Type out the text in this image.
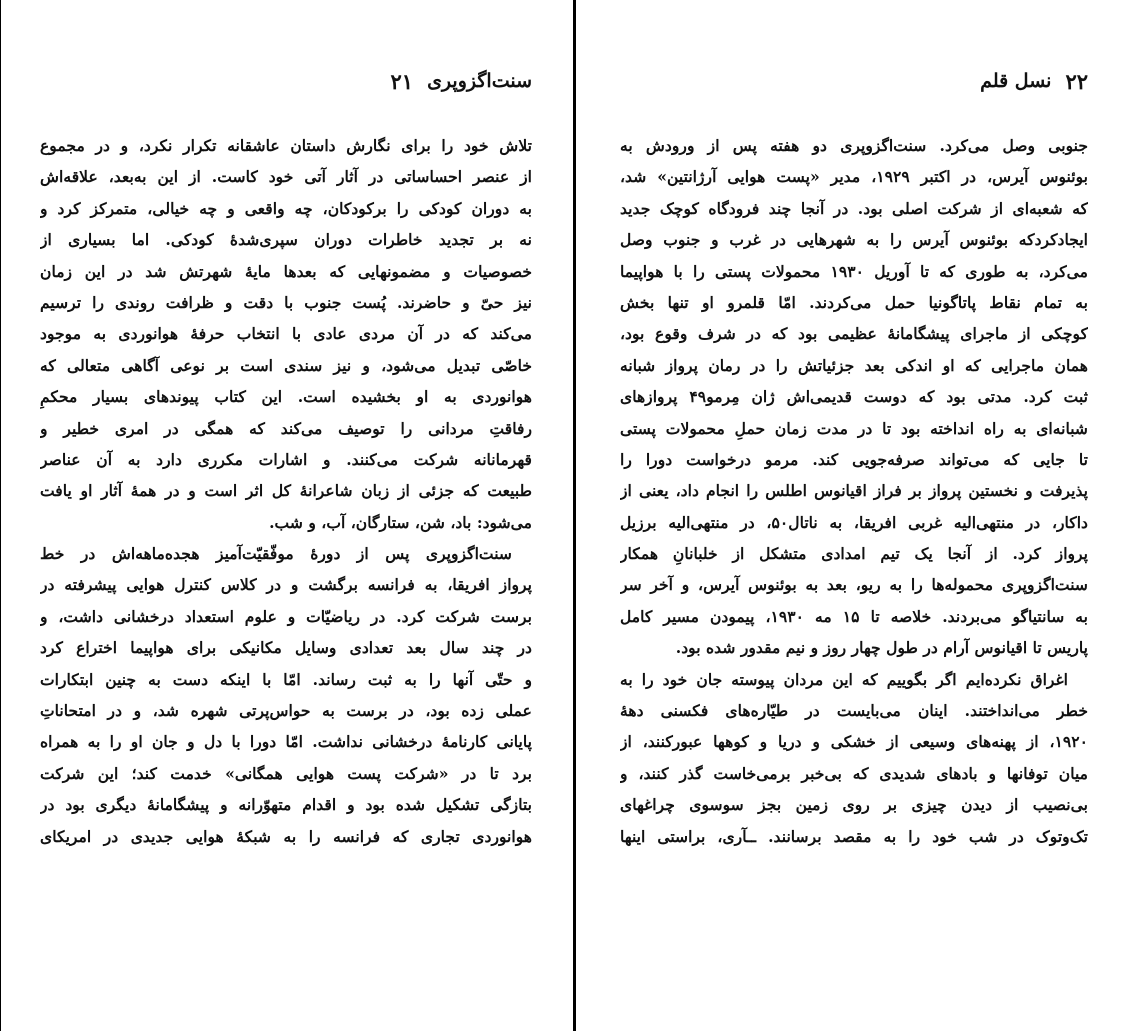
سنت‌اگزوپری
۲۱
تلاش خود را برای نگارش داستان عاشقانه تکرار نکرد، و در مجموع
از عنصر احساساتی در آثار آتی خود کاست. از این به‌بعد، علاقه‌اش
به دوران کودکی را برکودکان، چه واقعی و چه خیالی، متمرکز کرد و
نه بر تجدید خاطرات دوران سپری‌شدهٔ کودکی. اما بسیاری از
خصوصیات و مضمونهایی که بعدها مایهٔ شهرتش شد در این زمان
نیز حیّ و حاضرند. پُست جنوب با دقت و ظرافت روندی را ترسیم
می‌کند که در آن مردی عادی با انتخاب حرفهٔ هوانوردی به موجود
خاصّی تبدیل می‌شود، و نیز سندی است بر نوعی آگاهی متعالی که
هوانوردی به او بخشیده است. این کتاب پیوندهای بسیار محکمِ
رفاقتِ مردانی را توصیف می‌کند که همگی در امری خطیر و
قهرمانانه شرکت می‌کنند. و اشارات مکرری دارد به آن عناصر
طبیعت که جزئی از زبان شاعرانهٔ کل اثر است و در همهٔ آثار او یافت
می‌شود: باد، شن، ستارگان، آب، و شب.
سنت‌اگزوپری پس از دورهٔ موفّقیّت‌آمیز هجده‌ماهه‌اش در خط
پرواز افریقا، به فرانسه برگشت و در کلاس کنترل هوایی پیشرفته در
برست شرکت کرد. در ریاضیّات و علوم استعداد درخشانی داشت، و
در چند سال بعد تعدادی وسایل مکانیکی برای هواپیما اختراع کرد
و حتّی آنها را به ثبت رساند. امّا با اینکه دست به چنین ابتکارات
عملی زده بود، در برست به حواس‌پرتی شهره شد، و در امتحاناتِ
پایانی کارنامهٔ درخشانی نداشت. امّا دورا با دل و جان او را به همراه
برد تا در «شرکت پست هوایی همگانی» خدمت کند؛ این شرکت
بتازگی تشکیل شده بود و اقدام متهوّرانه و پیشگامانهٔ دیگری بود در
هوانوردی تجاری که فرانسه را به شبکهٔ هوایی جدیدی در امریکای
۲۲
نسل قلم
جنوبی وصل می‌کرد. سنت‌اگزوپری دو هفته پس از ورودش به
بوئنوس آیرس، در اکتبر ۱۹۲۹، مدیر «پست هوایی آرژانتین» شد،
که شعبه‌ای از شرکت اصلی بود. در آنجا چند فرودگاه کوچک جدید
ایجادکردکه بوئنوس آیرس را به شهرهایی در غرب و جنوب وصل
می‌کرد، به طوری که تا آوریل ۱۹۳۰ محمولات پستی را با هواپیما
به تمام نقاط پاتاگونیا حمل می‌کردند. امّا قلمرو او تنها بخش
کوچکی از ماجرای پیشگامانهٔ عظیمی بود که در شرف وقوع بود،
همان ماجرایی که او اندکی بعد جزئیاتش را در رمان پرواز شبانه
ثبت کرد. مدتی بود که دوست قدیمی‌اش ژان مِرمو۴۹ پروازهای
شبانه‌ای به راه انداخته بود تا در مدت زمان حملِ محمولات پستی
تا جایی که می‌تواند صرفه‌جویی کند. مرمو درخواست دورا را
پذیرفت و نخستین پرواز بر فراز اقیانوس اطلس را انجام داد، یعنی از
داکار، در منتهی‌الیه غربی افریقا، به ناتال۵۰، در منتهی‌الیه برزیل
پرواز کرد. از آنجا یک تیم امدادی متشکل از خلبانانِ همکار
سنت‌اگزوپری محموله‌ها را به ریو، بعد به بوئنوس آیرس، و آخر سر
به سانتیاگو می‌بردند. خلاصه تا ۱۵ مه ۱۹۳۰، پیمودن مسیر کامل
پاریس تا اقیانوس آرام در طول چهار روز و نیم مقدور شده بود.
اغراق نکرده‌ایم اگر بگوییم که این مردان پیوسته جان خود را به
خطر می‌انداختند. اینان می‌بایست در طیّاره‌های فکسنی دههٔ
۱۹۲۰، از پهنه‌های وسیعی از خشکی و دریا و کوهها عبورکنند، از
میان توفانها و بادهای شدیدی که بی‌خبر برمی‌خاست گذر کنند، و
بی‌نصیب از دیدن چیزی بر روی زمین بجز سوسوی چراغهای
تک‌وتوک در شب خود را به مقصد برسانند. ــآری، براستی اینها
